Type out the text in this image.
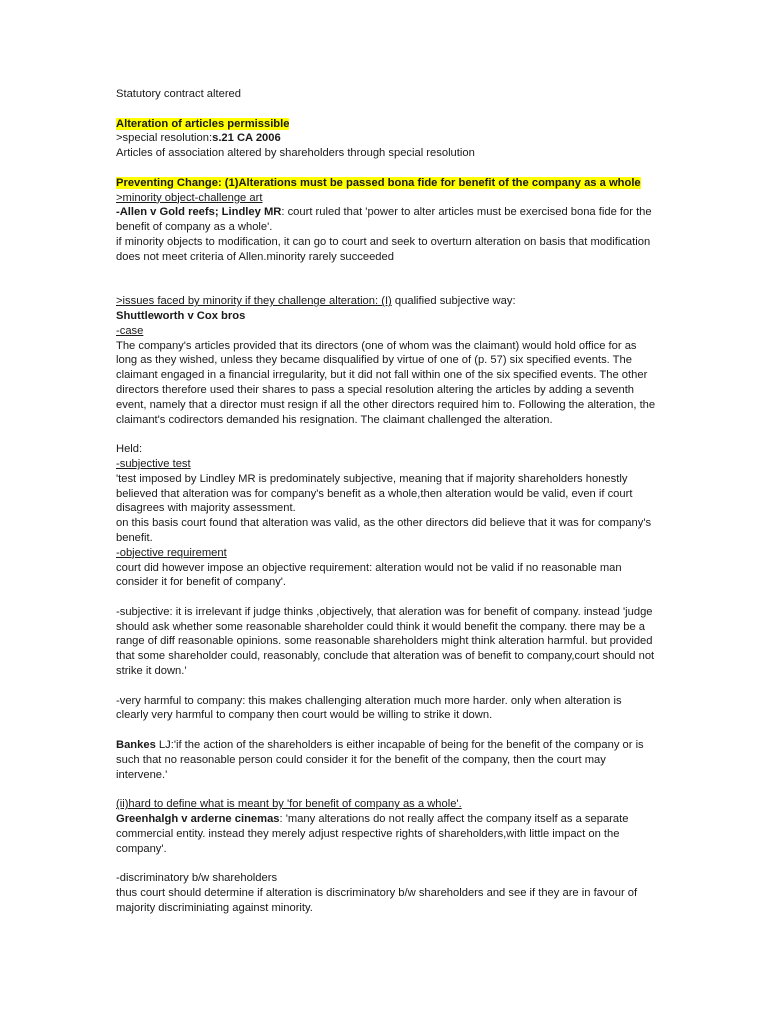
Statutory contract altered

Alteration of articles permissible

>special resolution:s.21 CA 2006

Articles of association altered by shareholders through special resolution

Preventing Change: (1)Alterations must be passed bona fide for benefit of the company as a whole

>minority object-challenge art

-Allen v Gold reefs; Lindley MR: court ruled that 'power to alter articles must be exercised bona fide for the benefit of company as a whole'.

if minority objects to modification, it can go to court and seek to overturn alteration on basis that modification does not meet criteria of Allen.minority rarely succeeded

>issues faced by minority if they challenge alteration: (I) qualified subjective way:

Shuttleworth v Cox bros

-case

The company's articles provided that its directors (one of whom was the claimant) would hold office for as long as they wished, unless they became disqualified by virtue of one of (p. 57) six specified events. The claimant engaged in a financial irregularity, but it did not fall within one of the six specified events. The other directors therefore used their shares to pass a special resolution altering the articles by adding a seventh event, namely that a director must resign if all the other directors required him to. Following the alteration, the claimant's codirectors demanded his resignation. The claimant challenged the alteration.

Held:

-subjective test

'test imposed by Lindley MR is predominately subjective, meaning that if majority shareholders honestly believed that alteration was for company's benefit as a whole,then alteration would be valid, even if court disagrees with majority assessment.

on this basis court found that alteration was valid, as the other directors did believe that it was for company's benefit.

-objective requirement

court did however impose an objective requirement: alteration would not be valid if no reasonable man consider it for benefit of company'.

-subjective: it is irrelevant if judge thinks ,objectively, that aleration was for benefit of company. instead 'judge should ask whether some reasonable shareholder could think it would benefit the company. there may be a range of diff reasonable opinions. some reasonable shareholders might think alteration harmful. but provided that some shareholder could, reasonably, conclude that alteration was of benefit to company,court should not strike it down.'

-very harmful to company: this makes challenging alteration much more harder. only when alteration is clearly very harmful to company then court would be willing to strike it down.

Bankes LJ:'if the action of the shareholders is either incapable of being for the benefit of the company or is such that no reasonable person could consider it for the benefit of the company, then the court may intervene.'

(ii)hard to define what is meant by 'for benefit of company as a whole'.

Greenhalgh v arderne cinemas: 'many alterations do not really affect the company itself as a separate commercial entity. instead they merely adjust respective rights of shareholders,with little impact on the company'.

-discriminatory b/w shareholders

thus court should determine if alteration is discriminatory b/w shareholders and see if they are in favour of majority discriminiating against minority.
